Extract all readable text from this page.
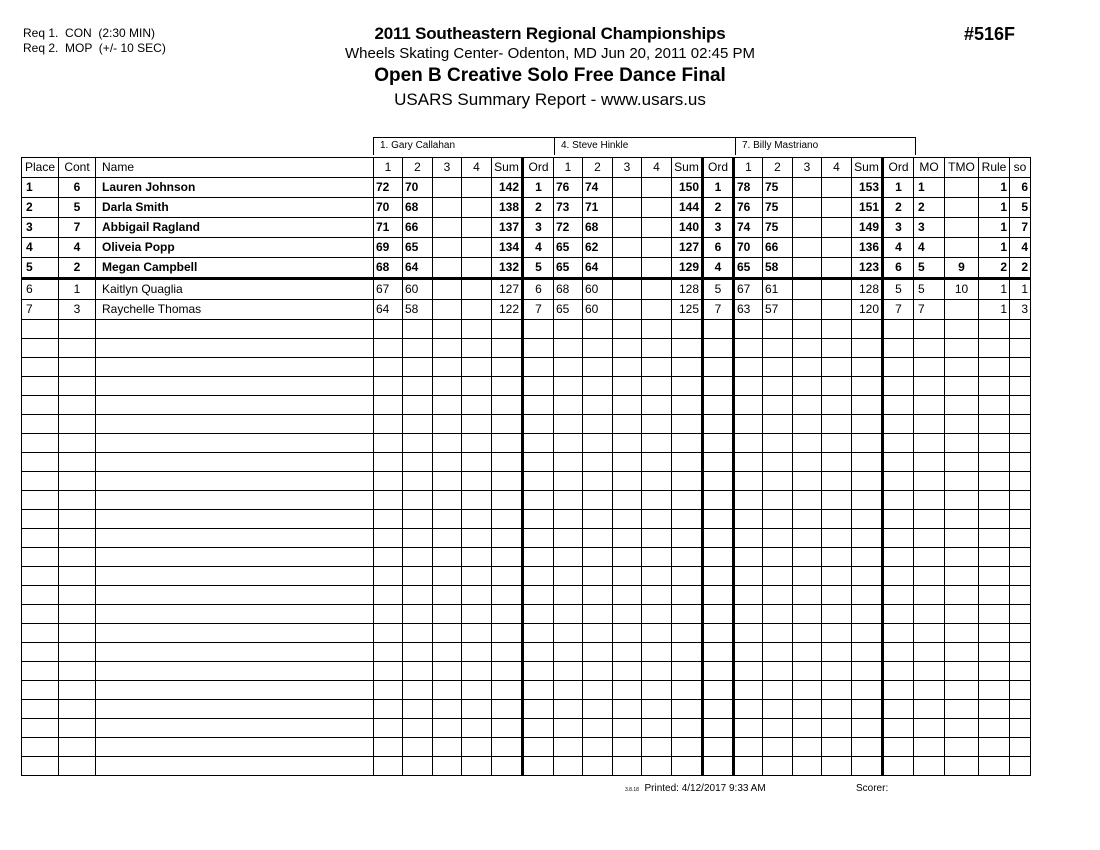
Req 1.  CON  (2:30 MIN)
Req 2.  MOP  (+/- 10 SEC)
2011 Southeastern Regional Championships
Wheels Skating Center- Odenton, MD Jun 20, 2011 02:45 PM
Open B Creative Solo Free Dance Final
USARS Summary Report - www.usars.us
#516F
1. Gary Callahan	4. Steve Hinkle	7. Billy Mastriano
Place	Cont	Name	1	2	3	4	Sum	Ord	1	2	3	4	Sum	Ord	1	2	3	4	Sum	Ord	MO	TMO	Rule	so
1	6	Lauren Johnson	72	70			142	1	76	74			150	1	78	75			153	1	1		1	6
2	5	Darla Smith	70	68			138	2	73	71			144	2	76	75			151	2	2		1	5
3	7	Abbigail Ragland	71	66			137	3	72	68			140	3	74	75			149	3	3		1	7
4	4	Oliveia Popp	69	65			134	4	65	62			127	6	70	66			136	4	4		1	4
5	2	Megan Campbell	68	64			132	5	65	64			129	4	65	58			123	6	5	9	2	2
6	1	Kaitlyn Quaglia	67	60			127	6	68	60			128	5	67	61			128	5	5	10	1	1
7	3	Raychelle Thomas	64	58			122	7	65	60			125	7	63	57			120	7	7		1	3

3.8.18 Printed: 4/12/2017 9:33 AM	Scorer:
